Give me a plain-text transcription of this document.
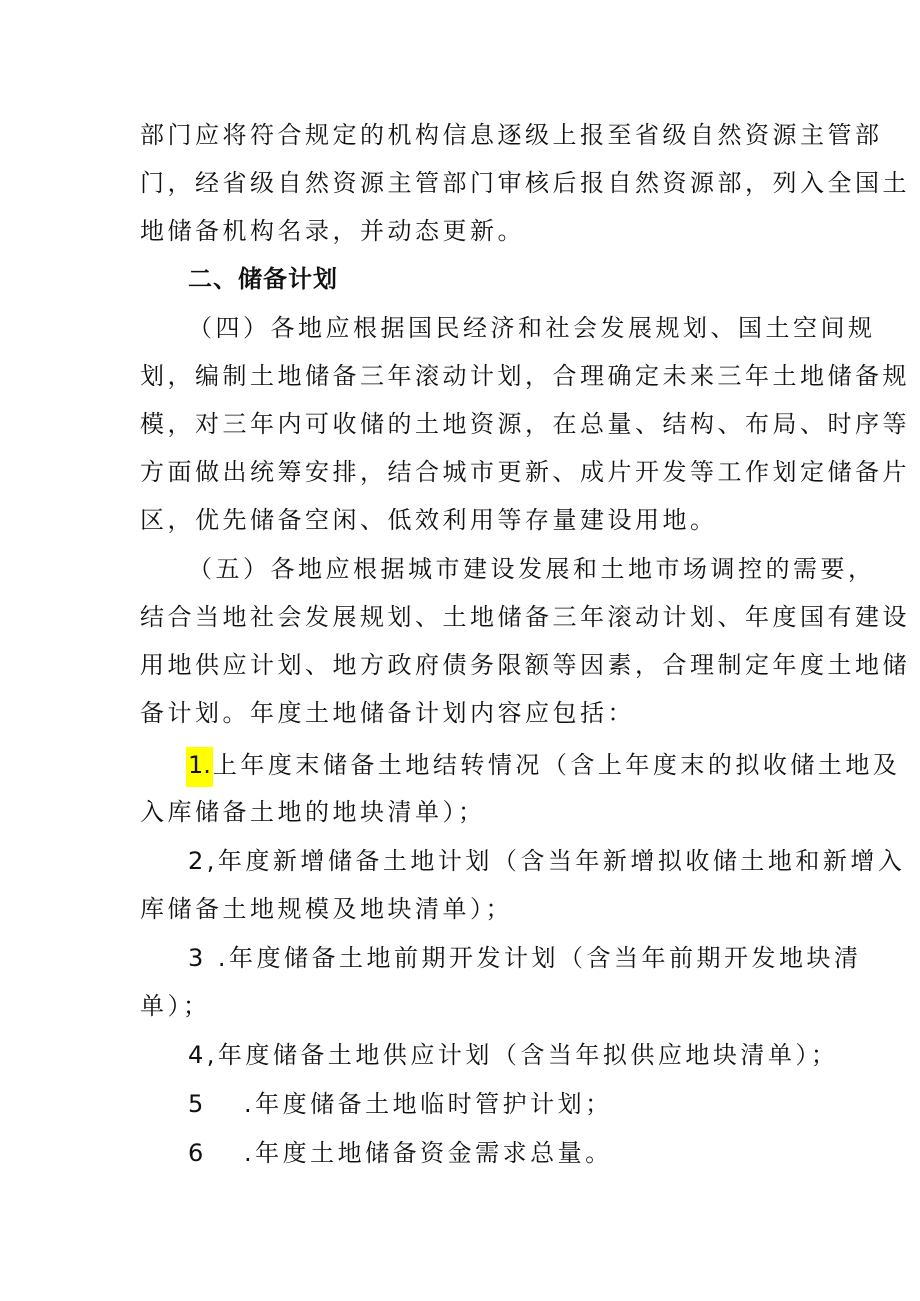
部门应将符合规定的机构信息逐级上报至省级自然资源主管部
门，经省级自然资源主管部门审核后报自然资源部，列入全国土
地储备机构名录，并动态更新。
二、储备计划
（四）各地应根据国民经济和社会发展规划、国土空间规
划，编制土地储备三年滚动计划，合理确定未来三年土地储备规
模，对三年内可收储的土地资源，在总量、结构、布局、时序等
方面做出统筹安排，结合城市更新、成片开发等工作划定储备片
区，优先储备空闲、低效利用等存量建设用地。
（五）各地应根据城市建设发展和土地市场调控的需要，
结合当地社会发展规划、土地储备三年滚动计划、年度国有建设
用地供应计划、地方政府债务限额等因素，合理制定年度土地储
备计划。年度土地储备计划内容应包括：
1.上年度末储备土地结转情况（含上年度末的拟收储土地及
入库储备土地的地块清单）；
2,年度新增储备土地计划（含当年新增拟收储土地和新增入
库储备土地规模及地块清单）；
3 .年度储备土地前期开发计划（含当年前期开发地块清
单）；
4,年度储备土地供应计划（含当年拟供应地块清单）；
5 .年度储备土地临时管护计划；
6 .年度土地储备资金需求总量。
